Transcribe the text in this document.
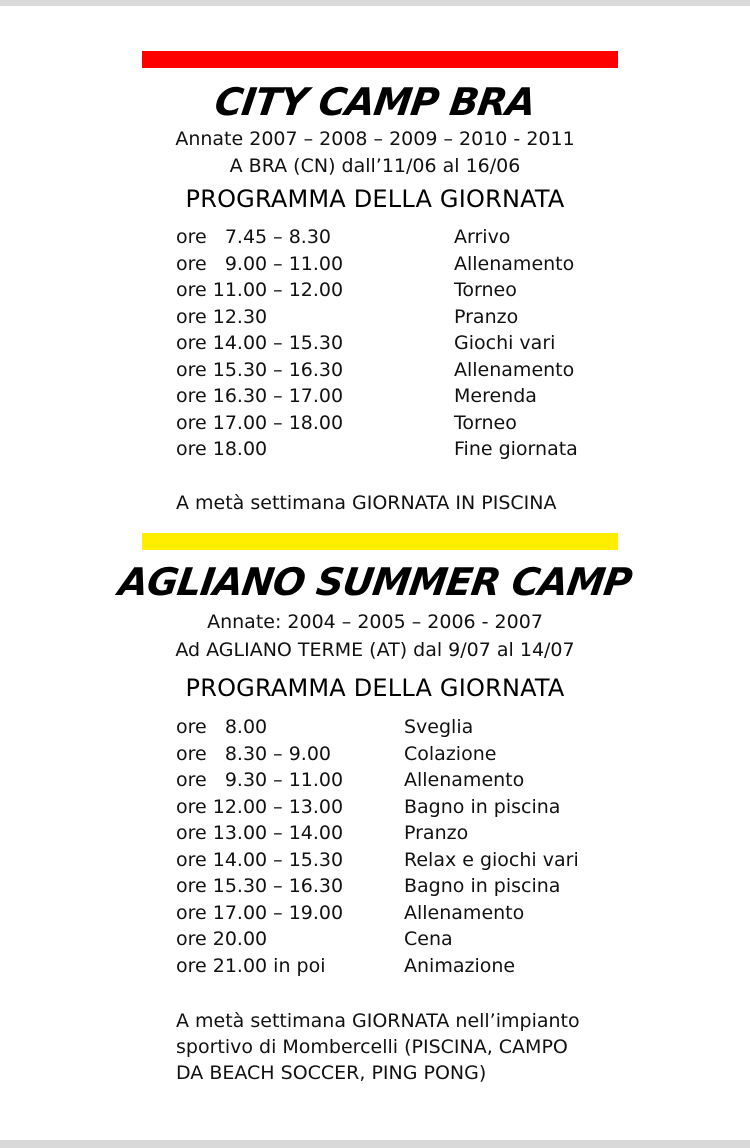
CITY CAMP BRA
Annate 2007 – 2008 – 2009 – 2010 - 2011
A BRA (CN) dall’11/06 al 16/06
PROGRAMMA DELLA GIORNATA
ore   7.45 – 8.30	Arrivo
ore   9.00 – 11.00	Allenamento
ore 11.00 – 12.00	Torneo
ore 12.30	Pranzo
ore 14.00 – 15.30	Giochi vari
ore 15.30 – 16.30	Allenamento
ore 16.30 – 17.00	Merenda
ore 17.00 – 18.00	Torneo
ore 18.00	Fine giornata
A metà settimana GIORNATA IN PISCINA
AGLIANO SUMMER CAMP
Annate: 2004 – 2005 – 2006 - 2007
Ad AGLIANO TERME (AT) dal 9/07 al 14/07
PROGRAMMA DELLA GIORNATA
ore   8.00	Sveglia
ore   8.30 – 9.00	Colazione
ore   9.30 – 11.00	Allenamento
ore 12.00 – 13.00	Bagno in piscina
ore 13.00 – 14.00	Pranzo
ore 14.00 – 15.30	Relax e giochi vari
ore 15.30 – 16.30	Bagno in piscina
ore 17.00 – 19.00	Allenamento
ore 20.00	Cena
ore 21.00 in poi	Animazione
A metà settimana GIORNATA nell’impianto
sportivo di Mombercelli (PISCINA, CAMPO
DA BEACH SOCCER, PING PONG)
